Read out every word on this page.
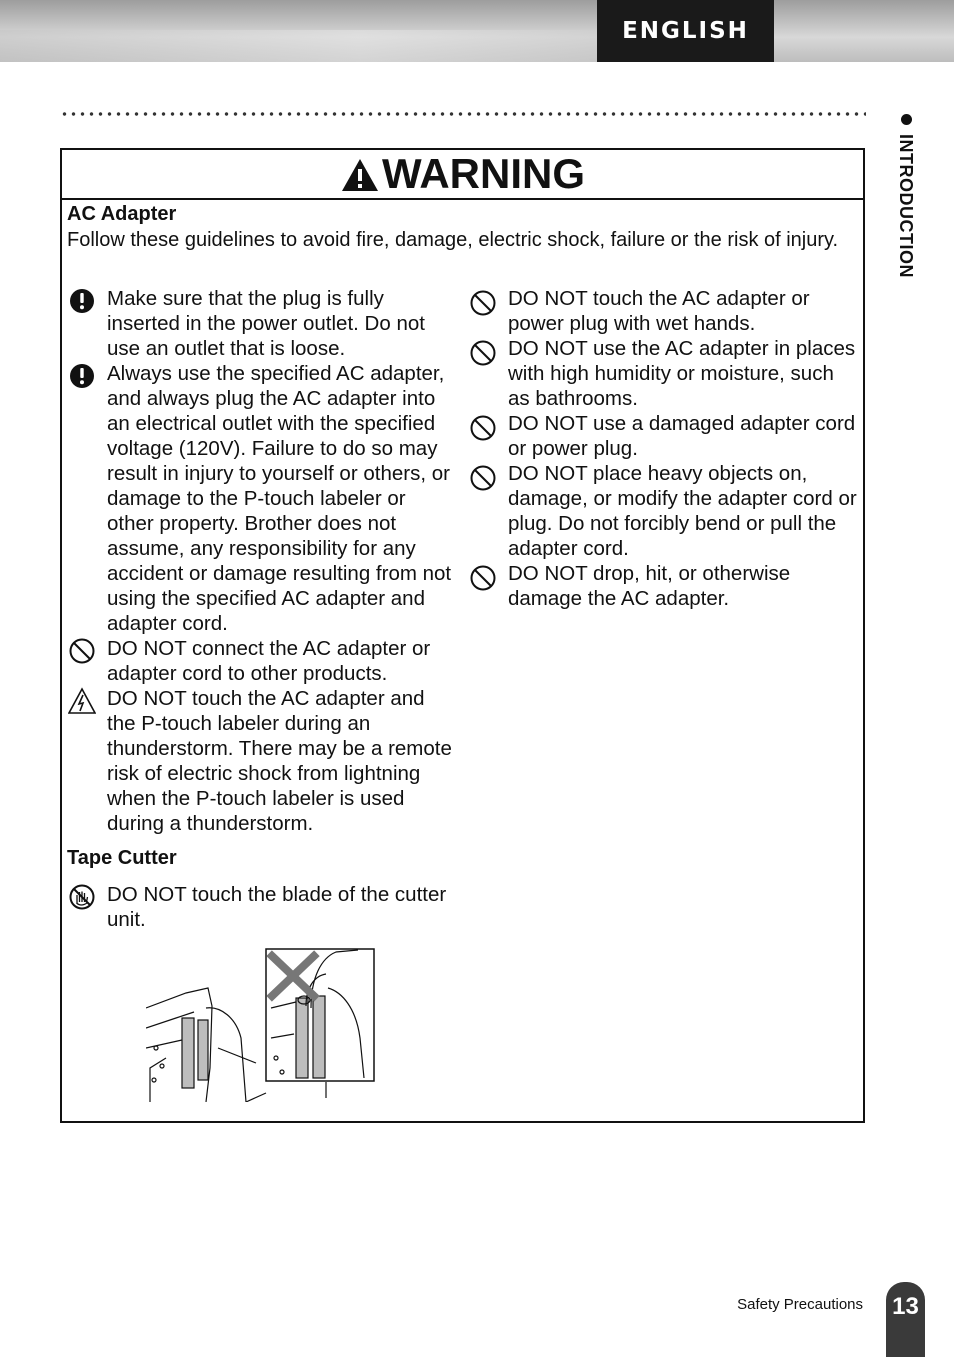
ENGLISH
INTRODUCTION
WARNING
AC Adapter
Follow these guidelines to avoid fire, damage, electric shock, failure or the risk of injury.
Make sure that the plug is fully inserted in the power outlet. Do not use an outlet that is loose.
Always use the specified AC adapter, and always plug the AC adapter into an electrical outlet with the specified voltage (120V). Failure to do so may result in injury to yourself or others, or damage to the P-touch labeler or other property. Brother does not assume, any responsibility for any accident or damage resulting from not using the specified AC adapter and adapter cord.
DO NOT connect the AC adapter or adapter cord to other products.
DO NOT touch the AC adapter and the P-touch labeler during an thunderstorm. There may be a remote risk of electric shock from lightning when the P-touch labeler is used during a thunderstorm.
DO NOT touch the AC adapter or power plug with wet hands.
DO NOT use the AC adapter in places with high humidity or moisture, such as bathrooms.
DO NOT use a damaged adapter cord or power plug.
DO NOT place heavy objects on, damage, or modify the adapter cord or plug. Do not forcibly bend or pull the adapter cord.
DO NOT drop, hit, or otherwise damage the AC adapter.
Tape Cutter
DO NOT touch the blade of the cutter unit.
Safety Precautions 13
